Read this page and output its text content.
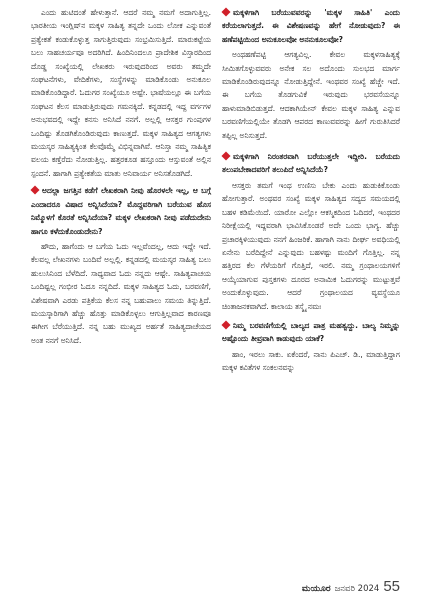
ಎಂದು ಹುಟಿದಂತೆ ಹೇಳುತ್ತಾನೆ. ಆದರೆ ನಮ್ಮ ನಮಗೆ ಅದಾಗುತ್ತಿಲ್ಲ. ಭಾರತೀಯ ಇಂಗ್ಲಿಷ್‌ನ ಮಕ್ಕಳ ಸಾಹಿತ್ಯ ತನ್ನದೇ ಒಂದು ಲೋಕ ಎನ್ನುವಂತೆ ಪ್ರತ್ಯೇಕತೆ ಕಂಡುಕೊಳ್ಳುತ್ತ ಸಾಗುತ್ತಿರುವುದು ಸಂಭ್ರಮಿಸುತ್ತಿದೆ. ಮಾರುಕಟ್ಟೆಯ ಬಲು ಸಾಹಚರ್ಯವೂ ಅದರಿಗಿದೆ. ಹಿಂದಿನಿಂದಲೂ ಪ್ರಾದೇಶಿಕ ವಿಸ್ತಾರದಿಂದ ದೊಡ್ಡ ಸಂಖ್ಯೆಯಲ್ಲಿ ಲೇಖಕರು ಇರುವುದರಿಂದ ಅವರು ತಮ್ಮದೇ ಸಂಘಟನೆಗಳು, ವೇದಿಕೆಗಳು, ಸಂಸ್ಥೆಗಳನ್ನು ಮಾಡಿಕೊಂಡು ಅನುಕೂಲ ಮಾಡಿಕೊಂಡಿದ್ದಾರೆ. ಓದುಗರ ಸಂಖ್ಯೆಯೂ ಅಷ್ಟೇ. ಭಾಷೆಯಲ್ಲೂ ಈ ಬಗೆಯ ಸಂಘಟನ ಕೆಲಸ ಮಾಡುತ್ತಿರುವುದು ಗಮನಕ್ಕಿದೆ. ಕನ್ನಡದಲ್ಲಿ ಇದ್ದ ವರ್ಗಗಳ ಅನುಭವದಲ್ಲಿ ಇದ್ದೇ ಕನಸು ಅನಿಸಿದೆ ನನಗೆ. ಅಲ್ಲಲ್ಲಿ ಆಸಕ್ತರ ಗುಂಪುಗಳ ಒಂದಿಷ್ಟು ತೊಡಗಿಕೊಂಡಿರುವುದು ಕಾಣುತ್ತದೆ. ಮಕ್ಕಳ ಸಾಹಿತ್ಯದ ಆಗತ್ಯಗಳು ಮಯಸ್ಕರ ಸಾಹಿತ್ಯಕ್ಕಿಂತ ಕೆಲವೊಮ್ಮೆ ವಿಭಿನ್ನವಾಗಿವೆ. ಆನಿಸ್ತಾ ನಮ್ಮ ಸಾಹಿತ್ಯಿಕ ವಲಯ ಕಣ್ತೆರೆದು ನೋಡುತ್ತಿಲ್ಲ. ಹತ್ತರಕೂಡ ಹಸ್ತೂಂದು ಆಸ್ತುವಂತೆ ಅಲ್ಲಿನ ಸ್ಪಂದನೆ. ಹಾಗಾಗಿ ಪ್ರತ್ಯೇಕತೆಯ ಮಾತು ಅನಿವಾರ್ಯ ಅನಿಸತೊಡಗಿದೆ.

ಅದಲ್ಲಾ ಜಗತ್ತಿನ ಕಡೆಗೆ ಲೇಖಕರಾಗಿ ನೀವು ಹೊರಳಲೇ ಇಲ್ಲ, ಆ ಬಗ್ಗೆ ಎಂದಾದರೂ ವಿಷಾದ ಅನ್ನಿಸಿದೆಯಾ? ಮೊದ್ದವರಿಗಾಗಿ ಬರೆಯುವ ಹೊಸ ನಿಮ್ಮೊಳಗೆ ಕೊರತೆ ಅನ್ನಿಸಿದೆಯಾ? ಮಕ್ಕಳ ಲೇಖಕರಾಗಿ ನೀವು ಪಡೆದುದೇನು ಹಾಗೂ ಕಳೆದುಕೊಂಡುದೇನು?

ಹೌದು, ಹಾಗೆಂದು ಆ ಬಗೆಯ ಓದು ಇಲ್ಲವೆಂದಲ್ಲ, ಆದು ಇದ್ದೇ ಇದೆ. ಕೆಲವಲ್ಲ ಲೇಖನಗಳು ಬಂದಿವೆ ಅಲ್ಲಲ್ಲಿ. ಕನ್ನಡದಲ್ಲಿ ಮಯಸ್ಕರ ಸಾಹಿತ್ಯ ಬಲು ಹುಲುಸಿನಿಂದ ಬೆಳೆದಿದೆ. ಸಾಧ್ಯವಾದ ಓದು ನನ್ನದು ಆಷ್ಟೇ. ಸಾಹಿತ್ಯಪಾಚಯ ಒಂದಿಷ್ಟಲ್ಲ ಗಂಭೀರ ಓದೂ ನನ್ನದಿದೆ. ಮಕ್ಕಳ ಸಾಹಿತ್ಯದ ಓದು, ಬರವಣಿಗೆ, ವಿಶೇಷವಾಗಿ ಎರಡು ಪತ್ರಿಕೆಯ ಕೆಲಸ ನನ್ನ ಬಹುಪಾಲು ಸಮಯ ತಿನ್ನುತ್ತಿದೆ. ಮಯಸ್ಕಾರಿಗಾಗಿ ಹೆಚ್ಚು ಹೊತ್ತು ಮಾಡಿಕೊಳ್ಳಲು ಆಗುತ್ತಿಲ್ಲವಾದ ಕಾರಣವೂ ಈಗೀಗ ಬೆರೆಯುತ್ತಿದೆ. ನನ್ನ ಬಹು ಮುಖ್ಯದ ಅರ್ಹತೆ ಸಾಹಿತ್ಯದಾಚೆಯದ ಅಂತ ನನಗೆ ಅನಿಸಿದೆ.

ಮಕ್ಕಳಿಗಾಗಿ ಬರೆಯುವವರನ್ನು 'ಮಕ್ಕಳ ಸಾಹಿತಿ' ಎಂದು ಕರೆಯಲಾಗುತ್ತದೆ. ಈ ವಿಶೇಷಣವನ್ನು ಹೇಗೆ ನೋಡುವುದು? ಈ ಹಣೆಪಟ್ಟಿಯಿಂದ ಅನುಕೂಲವೋ ಅನನುಕೂಲವೋ?

ಅಂಥಹಣೆಪಟ್ಟಿ ಆಗತ್ಯವಿಲ್ಲ. ಕೇವಲ ಮಕ್ಕಳಸಾಹಿತ್ಯಕ್ಕೆ ಸೀಮಿತಗೊಳ್ಳುವವರು ಅನೇಕ ಸಲ ಅದೊಂದು ಸುಲಭದ ಮಾರ್ಗ ಮಾಡಿಕೊಂಡಿರುವುದನ್ನೂ ನೋಡುತ್ತಿದ್ದೇನೆ. ಇಂಥವರ ಸಂಖ್ಯೆ ಹೆಚ್ಚೇ ಇದೆ. ಈ ಬಗೆಯ ತೊಡಗುವಿಕೆ ಇರುವುದು ಭರವಸೆಯನ್ನೂ ಹಾಳುಮಾಡಿಬಿಡುತ್ತದೆ. ಆದಕಾಗಿಯೇನ್ ಕೇವಲ ಮಕ್ಕಳ ಸಾಹಿತ್ಯ ಎನ್ನುವ ಬರವಣಿಗೆಯಲ್ಲಿಯೇ ತೊಡಗಿ ಆಪರದ ಕಾಣುವವರನ್ನು ಹೀಗೆ ಗುರುತಿಸಿದರೆ ತಪ್ಪಿಲ್ಲ ಅನಿಸುತ್ತದೆ.

ಮಕ್ಕಳಿಗಾಗಿ ನಿರಂತರವಾಗಿ ಬರೆಯುತ್ತಲೇ ಇದ್ದೀರಿ. ಬರೆಯದು ತಲುಪಬೇಕಾದವರಿಗೆ ತಲುಪಿದೆ ಅನ್ನಿಸಿದೆಯೆ?

ಆಸಕ್ತರು ತಮಗೆ ಇಂಥ ಉಣಿಸು ಬೇಕು ಎಂದು ಹುಡುಕಿಕೊಂಡು ಹೋಗುತ್ತಾರೆ. ಅಂಥವರ ಸಂಖ್ಯೆ ಮಕ್ಕಳ ಸಾಹಿತ್ಯದ ಸದ್ಯದ ಸಮಯದಲ್ಲಿ ಬಹಳ ಕಡಿಮೆಯಿದೆ. ಯಾರೋ ಎಲ್ಲೋ ಆಕಸ್ಮಿಕದಿಂದ ಓದಿದರೆ, ಇಂಥದರ ನಿರೀಕ್ಷೆಯಲ್ಲಿ ಇದ್ದವರಾಗಿ ಭಾವಿಸಿಕೊಂಡರೆ ಅದೇ ಒಂದು ಭಾಗ್ಯ. ಹೆಚ್ಚು ಪ್ರಚಾರಕ್ಕಿಳಿಯುವುದು ನನಗೆ ಹಿಂಜರಿಕೆ. ಹಾಗಾಗಿ ನಾನು ದೀರ್ಘ ಅವಧಿಯಲ್ಲಿ ಏನೇನು ಬರೆದಿದ್ದೇನೆ ಎನ್ನುವುದು ಬಹಳಷ್ಟು ಮಂದಿಗೆ ಗೊತ್ತಿಲ್ಲ. ನನ್ನ ಹತ್ತಿರದ ಕೆಲ ಗೆಳೆಯರಿಗೆ ಗೊತ್ತಿದೆ, ಇರಲಿ. ನಮ್ಮ ಗ್ರಂಥಾಲಯಗಳಿಗೆ ಆಯ್ಕೆಯಾಗುವ ಪುಸ್ತಕಗಳು ದೂರದ ಅನಾಮಿಕ ಓದುಗರನ್ನು ಮುಟ್ಟುತ್ತವೆ ಅಂದುಕೊಳ್ಳುವುದು. ಆದರೆ ಗ್ರಂಥಾಲಯದ ವ್ಯವಸ್ಥೆಯೂ ಚಿಂತಾಜನಕವಾಗಿದೆ. ಕಾಲಾಯ ತಸ್ಮೈ ನಮಃ

ನಿಮ್ಮ ಬರವಣಿಗೆಯಲ್ಲಿ ಬಾಲ್ಯದ ಪಾತ್ರ ಮಹತ್ವದ್ದು. ಬಾಲ್ಯ ನಿಮ್ಮನ್ನು ಅಷ್ಟೊಂದು ತೀವ್ರವಾಗಿ ಕಾಡುವುದು ಯಾಕೆ?

ಹಾಂ, ಇರಲು ಸಾಕು. ಏಕೆಂದರೆ, ನಾನು ಪಿಎಚ್. ಡಿ., ಮಾಡುತ್ತಿದ್ದಾಗ ಮಕ್ಕಳ ಕವಿತೆಗಳ ಸಂಕಲನವನ್ನು

ಮಯೂರ ಜನವರಿ 2024 55
